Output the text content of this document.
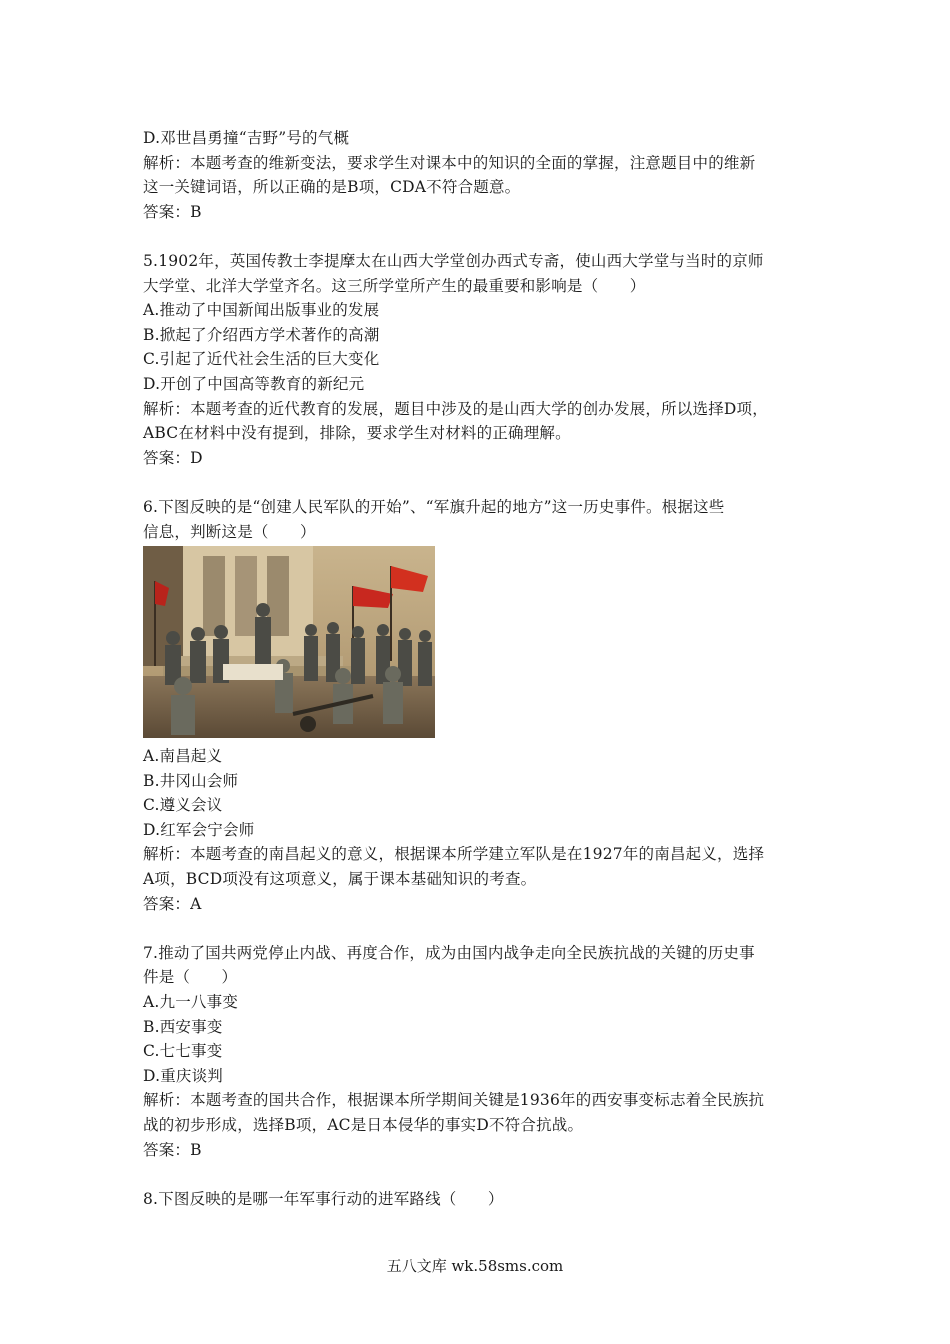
D.邓世昌勇撞“吉野”号的气概
解析：本题考查的维新变法，要求学生对课本中的知识的全面的掌握，注意题目中的维新
这一关键词语，所以正确的是B项，CDA不符合题意。
答案：B
5.1902年，英国传教士李提摩太在山西大学堂创办西式专斋，使山西大学堂与当时的京师
大学堂、北洋大学堂齐名。这三所学堂所产生的最重要和影响是（　　）
A.推动了中国新闻出版事业的发展
B.掀起了介绍西方学术著作的高潮
C.引起了近代社会生活的巨大变化
D.开创了中国高等教育的新纪元
解析：本题考查的近代教育的发展，题目中涉及的是山西大学的创办发展，所以选择D项，
ABC在材料中没有提到，排除，要求学生对材料的正确理解。
答案：D
6.下图反映的是“创建人民军队的开始”、“军旗升起的地方”这一历史事件。根据这些
信息，判断这是（　　）
A.南昌起义
B.井冈山会师
C.遵义会议
D.红军会宁会师
解析：本题考查的南昌起义的意义，根据课本所学建立军队是在1927年的南昌起义，选择
A项，BCD项没有这项意义，属于课本基础知识的考查。
答案：A
7.推动了国共两党停止内战、再度合作，成为由国内战争走向全民族抗战的关键的历史事
件是（　　）
A.九一八事变
B.西安事变
C.七七事变
D.重庆谈判
解析：本题考查的国共合作，根据课本所学期间关键是1936年的西安事变标志着全民族抗
战的初步形成，选择B项，AC是日本侵华的事实D不符合抗战。
答案：B
8.下图反映的是哪一年军事行动的进军路线（　　）
五八文库 wk.58sms.com
